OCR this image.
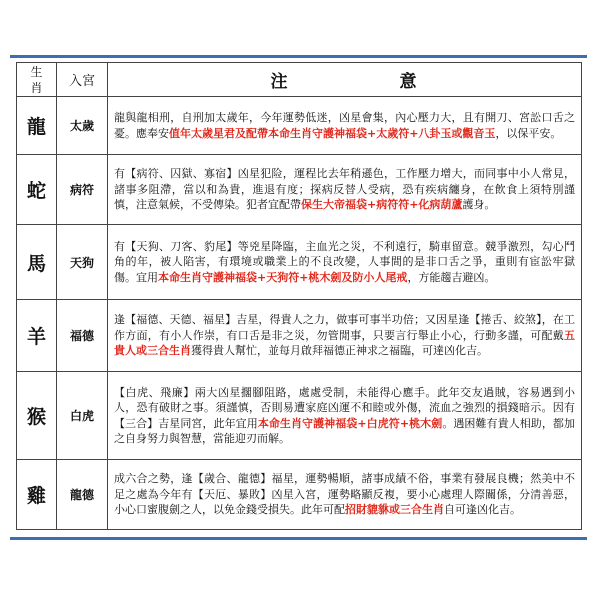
生
肖	入宮	注 意
龍	太歲	龍與龍相刑，自刑加太歲年，今年運勢低迷，凶星會集，內心壓力大，且有開刀、宮訟口舌之憂。應奉安值年太歲星君及配帶本命生肖守護神福袋+太歲符+八卦玉或觀音玉，以保平安。
蛇	病符	有【病符、囚獄、寡宿】凶星犯险，運程比去年稍遜色，工作壓力增大，而同事中小人常見，諸事多阻滯，當以和為貴，進退有度；探病反替人受病，恐有疾病纏身，在飲食上須特別謹慎，注意氣候，不受傳染。犯者宜配帶保生大帝福袋+病符符+化病葫蘆護身。
馬	天狗	有【天狗、刀客、豹尾】等兇星降臨，主血光之災，不利遠行，騎車留意。競爭激烈，勾心鬥角的年，被人陷害，有環境或職業上的不良改變，人事間的是非口舌之爭，重則有宦訟牢獄傷。宜用本命生肖守護神福袋+天狗符+桃木劍及防小人尾戒，方能趨吉避凶。
羊	福德	逢【福德、天德、福星】吉星，得貴人之力，做事可事半功倍；又因星逢【捲舌、絞煞】，在工作方面，有小人作崇，有口舌是非之災，勿管閒事，只要言行舉止小心，行動多謹，可配戴五貴人或三合生肖獲得貴人幫忙，並每月啟拜福德正神求之福臨，可達凶化吉。
猴	白虎	【白虎、飛廉】兩大凶星擱腳阻路，處處受制，未能得心應手。此年交友過賊，容易遇到小人，恐有破財之事。須謹慎，否則易遭家庭凶運不和睦或外傷，流血之強烈的損錢暗示。因有【三合】吉星同宮，此年宜用本命生肖守護神福袋+白虎符+桃木劍。遇困難有貴人相助，都加之自身努力與智慧，當能迎刃而解。
雞	龍德	成六合之勢，逢【歲合、龍德】福星，運勢暢順，諸事成績不俗，事業有發展良機；然美中不足之處為今年有【天厄、暴敗】凶星入宮，運勢略顯反複，要小心處理人際關係，分清善惡，小心口蜜腹劍之人，以免金錢受損失。此年可配招財貔貅或三合生肖自可逢凶化吉。
